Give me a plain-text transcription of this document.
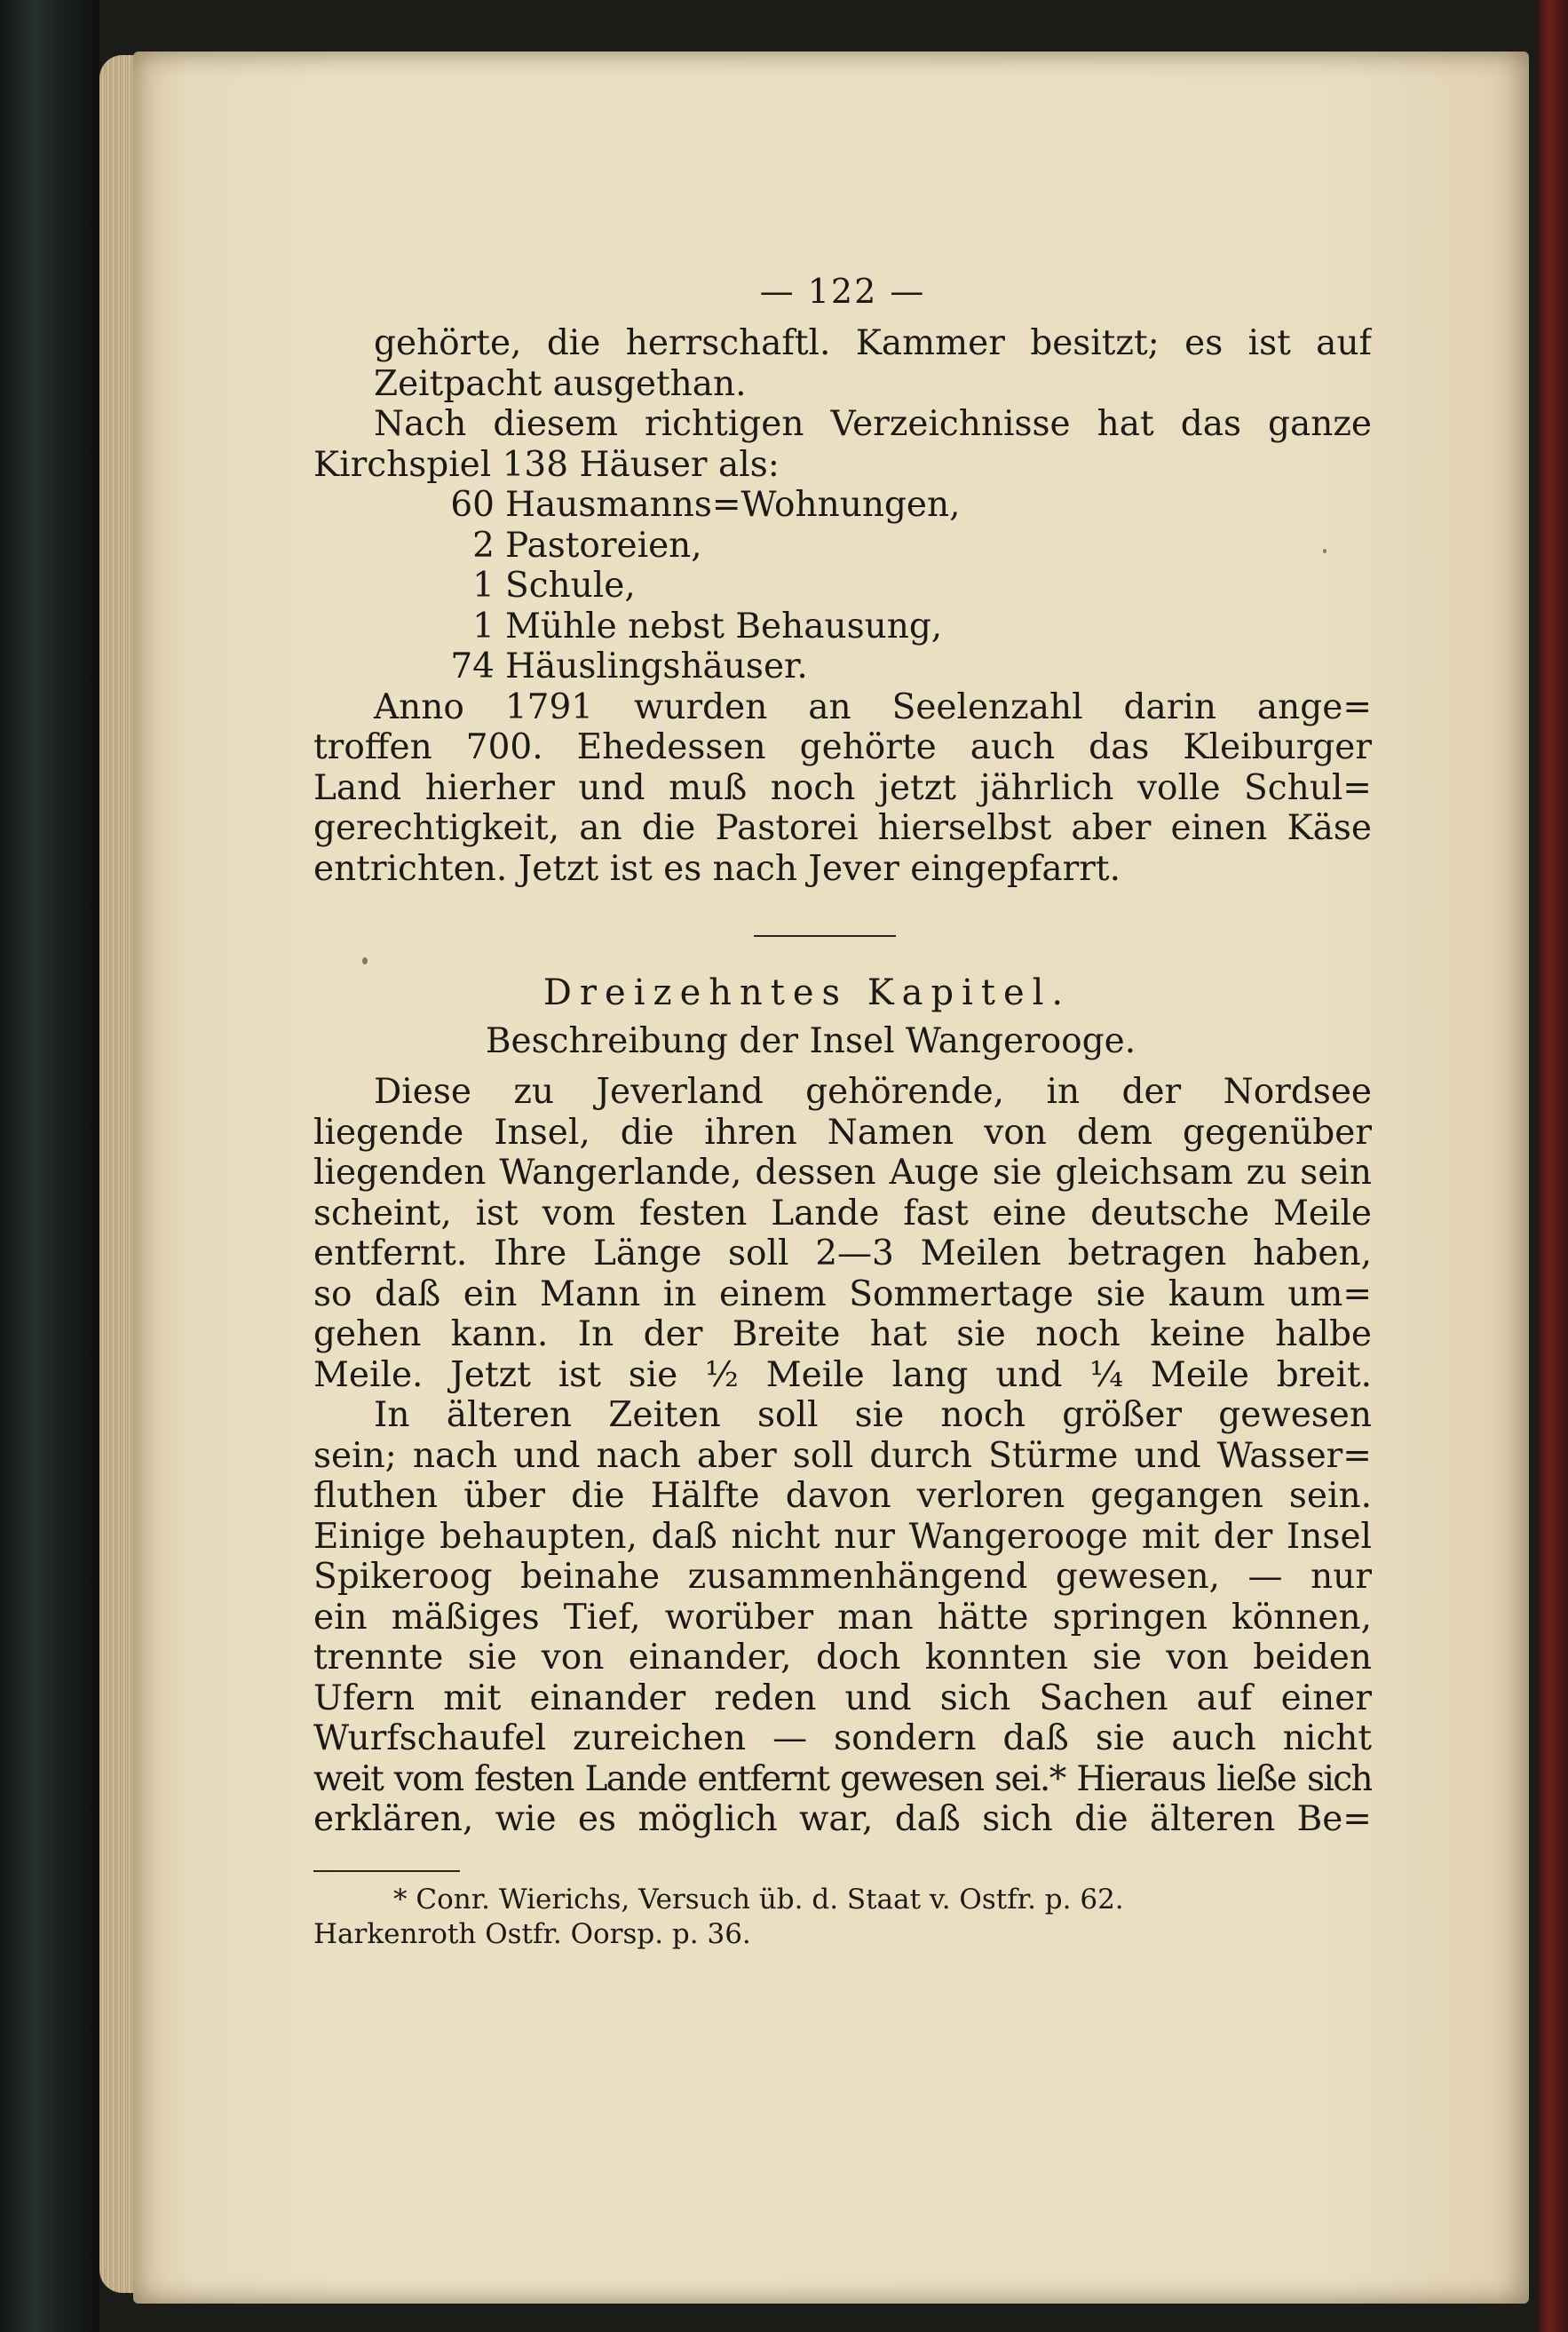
— 122 —
gehörte, die herrschaftl. Kammer besitzt; es ist auf
Zeitpacht ausgethan.
Nach diesem richtigen Verzeichnisse hat das ganze
Kirchspiel 138 Häuser als:
60 Hausmanns=Wohnungen,
2 Pastoreien,
1 Schule,
1 Mühle nebst Behausung,
74 Häuslingshäuser.
Anno 1791 wurden an Seelenzahl darin ange=
troffen 700. Ehedessen gehörte auch das Kleiburger
Land hierher und muß noch jetzt jährlich volle Schul=
gerechtigkeit, an die Pastorei hierselbst aber einen Käse
entrichten. Jetzt ist es nach Jever eingepfarrt.
Dreizehntes Kapitel.
Beschreibung der Insel Wangerooge.
Diese zu Jeverland gehörende, in der Nordsee
liegende Insel, die ihren Namen von dem gegenüber
liegenden Wangerlande, dessen Auge sie gleichsam zu sein
scheint, ist vom festen Lande fast eine deutsche Meile
entfernt. Ihre Länge soll 2—3 Meilen betragen haben,
so daß ein Mann in einem Sommertage sie kaum um=
gehen kann. In der Breite hat sie noch keine halbe
Meile. Jetzt ist sie ½ Meile lang und ¼ Meile breit.
In älteren Zeiten soll sie noch größer gewesen
sein; nach und nach aber soll durch Stürme und Wasser=
fluthen über die Hälfte davon verloren gegangen sein.
Einige behaupten, daß nicht nur Wangerooge mit der Insel
Spikeroog beinahe zusammenhängend gewesen, — nur
ein mäßiges Tief, worüber man hätte springen können,
trennte sie von einander, doch konnten sie von beiden
Ufern mit einander reden und sich Sachen auf einer
Wurfschaufel zureichen — sondern daß sie auch nicht
weit vom festen Lande entfernt gewesen sei.* Hieraus ließe sich
erklären, wie es möglich war, daß sich die älteren Be=
* Conr. Wierichs, Versuch üb. d. Staat v. Ostfr. p. 62.
Harkenroth Ostfr. Oorsp. p. 36.
